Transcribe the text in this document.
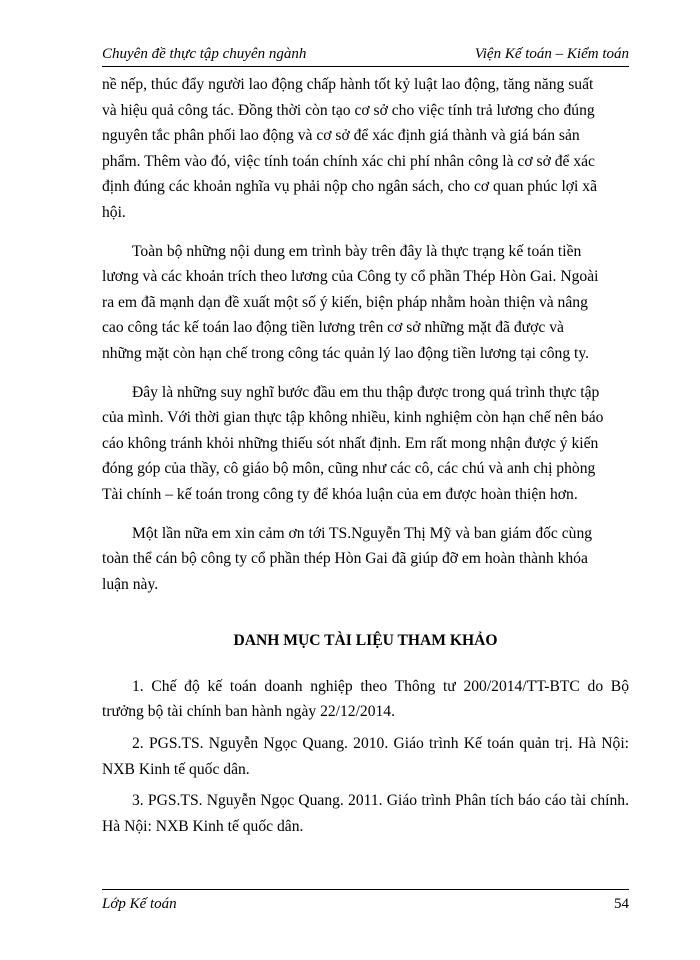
Chuyên đề thực tập chuyên ngành	Viện Kế toán – Kiểm toán

nề nếp, thúc đẩy người lao động chấp hành tốt kỷ luật lao động, tăng năng suất
và hiệu quả công tác. Đồng thời còn tạo cơ sở cho việc tính trả lương cho đúng
nguyên tắc phân phối lao động và cơ sở để xác định giá thành và giá bán sản
phẩm. Thêm vào đó, việc tính toán chính xác chi phí nhân công là cơ sở để xác
định đúng các khoản nghĩa vụ phải nộp cho ngân sách, cho cơ quan phúc lợi xã
hội.

Toàn bộ những nội dung em trình bày trên đây là thực trạng kế toán tiền
lương và các khoản trích theo lương của Công ty cổ phần Thép Hòn Gai. Ngoài
ra em đã mạnh dạn đề xuất một số ý kiến, biện pháp nhằm hoàn thiện và nâng
cao công tác kế toán lao động tiền lương trên cơ sở những mặt đã được và
những mặt còn hạn chế trong công tác quản lý lao động tiền lương tại công ty.

Đây là những suy nghĩ bước đầu em thu thập được trong quá trình thực tập
của mình. Với thời gian thực tập không nhiều, kinh nghiệm còn hạn chế nên báo
cáo không tránh khỏi những thiếu sót nhất định. Em rất mong nhận được ý kiến
đóng góp của thầy, cô giáo bộ môn, cũng như các cô, các chú và anh chị phòng
Tài chính – kế toán trong công ty để khóa luận của em được hoàn thiện hơn.

Một lần nữa em xin cảm ơn tới TS.Nguyễn Thị Mỹ và ban giám đốc cùng
toàn thể cán bộ công ty cổ phần thép Hòn Gai đã giúp đỡ em hoàn thành khóa
luận này.

DANH MỤC TÀI LIỆU THAM KHẢO

1. Chế độ kế toán doanh nghiệp theo Thông tư 200/2014/TT-BTC do Bộ trưởng bộ tài chính ban hành ngày 22/12/2014.

2. PGS.TS. Nguyễn Ngọc Quang. 2010. Giáo trình Kế toán quản trị. Hà Nội: NXB Kinh tế quốc dân.

3. PGS.TS. Nguyễn Ngọc Quang. 2011. Giáo trình Phân tích báo cáo tài chính. Hà Nội: NXB Kinh tế quốc dân.

Lớp Kế toán	54
